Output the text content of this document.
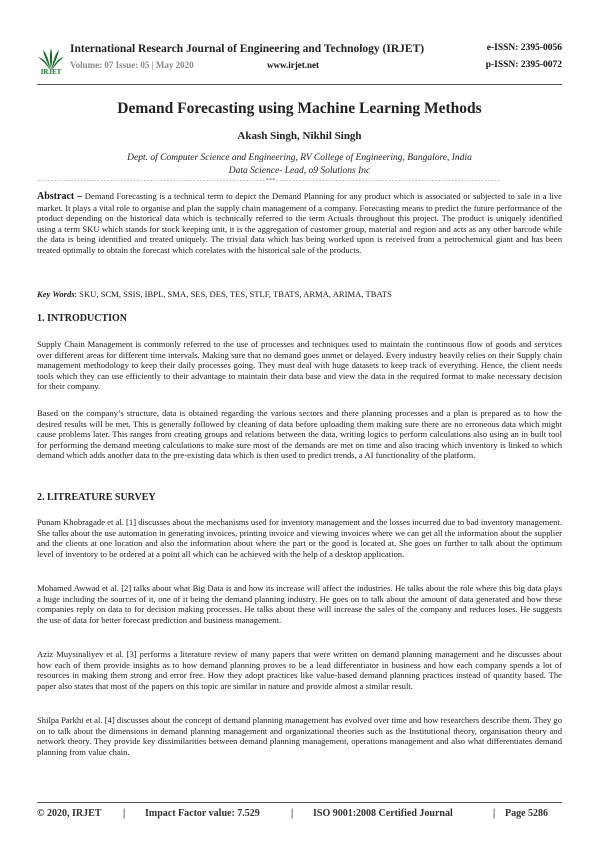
IRJET
International Research Journal of Engineering and Technology (IRJET)
Volume: 07 Issue: 05 | May 2020	www.irjet.net
e-ISSN: 2395-0056
p-ISSN: 2395-0072
Demand Forecasting using Machine Learning Methods
Akash Singh, Nikhil Singh
Dept. of Computer Science and Engineering, RV College of Engineering, Bangalore, India
Data Science- Lead, o9 Solutions Inc
---------------------------------------------------------------------***--------------------------------------------------------------------

Abstract – Demand Forecasting is a technical term to depict the Demand Planning for any product which is associated or subjected to sale in a live market. It plays a vital role to organise and plan the supply chain management of a company. Forecasting means to predict the future performance of the product depending on the historical data which is technically referred to the term Actuals throughout this project. The product is uniquely identified using a term SKU which stands for stock keeping unit, it is the aggregation of customer group, material and region and acts as any other barcode while the data is being identified and treated uniquely. The trivial data which has being worked upon is received from a petrochemical giant and has been treated optimally to obtain the forecast which corelates with the historical sale of the products.

Key Words: SKU, SCM, SSIS, IBPL, SMA, SES, DES, TES, STLF, TBATS, ARMA, ARIMA, TBATS

1. INTRODUCTION

Supply Chain Management is commonly referred to the use of processes and techniques used to maintain the continuous flow of goods and services over different areas for different time intervals. Making sure that no demand goes unmet or delayed. Every industry heavily relies on their Supply chain management methodology to keep their daily processes going. They must deal with huge datasets to keep track of everything. Hence, the client needs tools which they can use efficiently to their advantage to maintain their data base and view the data in the required format to make necessary decision for their company.

Based on the company’s structure, data is obtained regarding the various sectors and there planning processes and a plan is prepared as to how the desired results will be met. This is generally followed by cleaning of data before uploading them making sure there are no erroneous data which might cause problems later. This ranges from creating groups and relations between the data, writing logics to perform calculations also using an in built tool for performing the demand meeting calculations to make sure most of the demands are met on time and also tracing which inventory is linked to which demand which adds another data to the pre-existing data which is then used to predict trends, a AI functionality of the platform.

2. LITREATURE SURVEY

Punam Khobragade et al. [1] discusses about the mechanisms used for inventory management and the losses incurred due to bad inventory management. She talks about the use automation in generating invoices, printing invoice and viewing invoices where we can get all the information about the supplier and the clients at one location and also the information about where the part or the good is located at. She goes on further to talk about the optimum level of inventory to be ordered at a point all which can be achieved with the help of a desktop application.

Mohamed Awwad et al. [2] talks about what Big Data is and how its increase will affect the industries. He talks about the role where this big data plays a huge including the sources of it, one of it being the demand planning industry. He goes on to talk about the amount of data generated and how these companies reply on data to for decision making processes. He talks about these will increase the sales of the company and reduces loses. He suggests the use of data for better forecast prediction and business management.

Aziz Muysinaliyev et al. [3] performs a literature review of many papers that were written on demand planning management and he discusses about how each of them provide insights as to how demand planning proves to be a lead differentiator in business and how each company spends a lot of resources in making them strong and error free. How they adopt practices like value-based demand planning practices instead of quantity based. The paper also states that most of the papers on this topic are similar in nature and provide almost a similar result.

Shilpa Parkhi et al. [4] discusses about the concept of demand planning management has evolved over time and how researchers describe them. They go on to talk about the dimensions in demand planning management and organizational theories such as the Institutional theory, organisation theory and network theory. They provide key dissimilarities between demand planning management, operations management and also what differentiates demand planning from value chain.

© 2020, IRJET | Impact Factor value: 7.529	| ISO 9001:2008 Certified Journal	| Page 5286
